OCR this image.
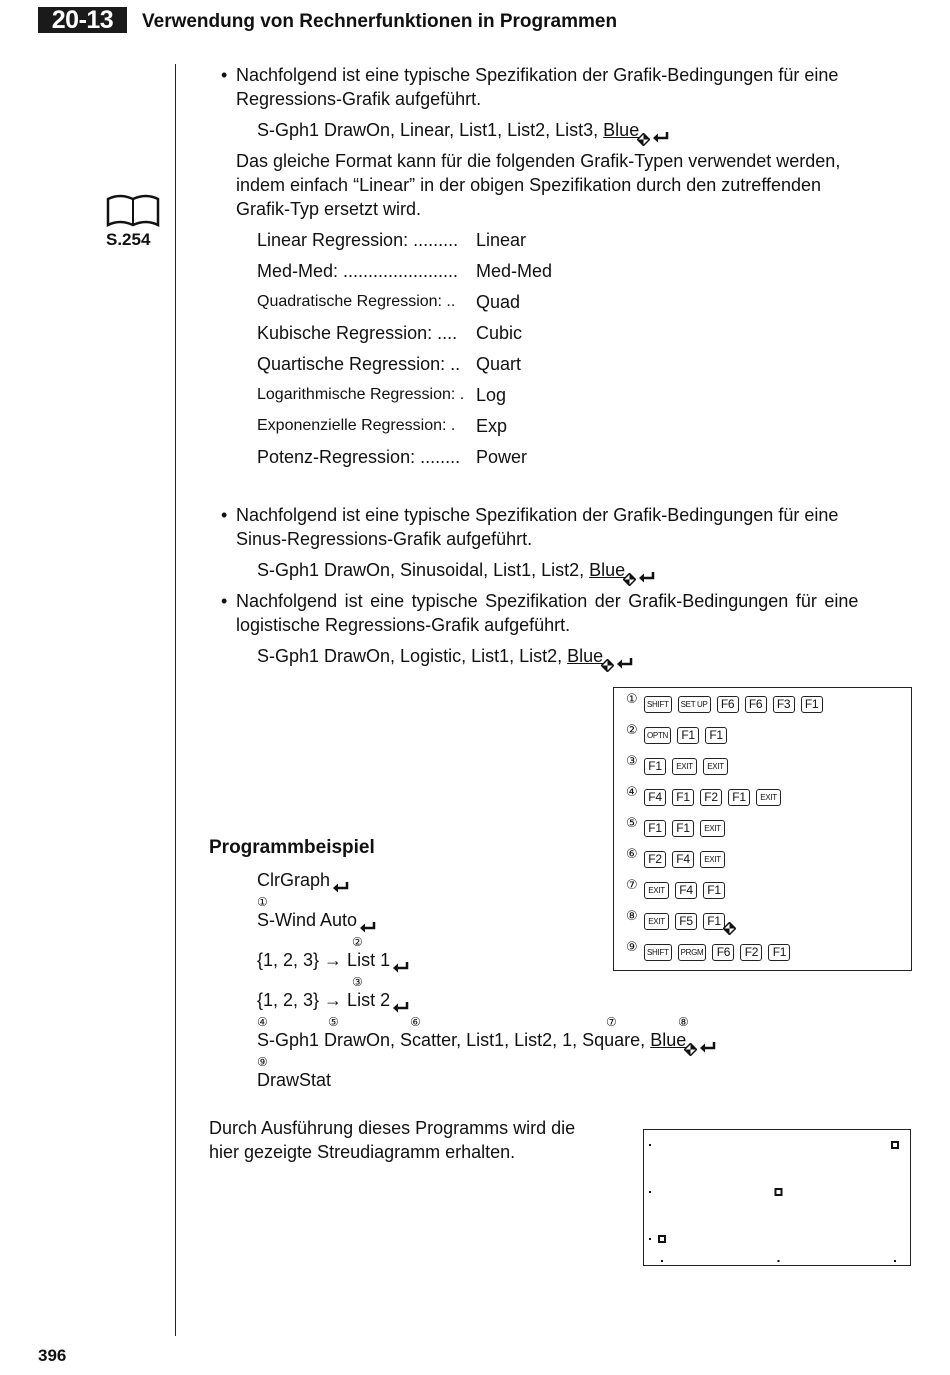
20-13	Verwendung von Rechnerfunktionen in Programmen
S.254
• Nachfolgend ist eine typische Spezifikation der Grafik-Bedingungen für eine
Regressions-Grafik aufgeführt.
S-Gph1 DrawOn, Linear, List1, List2, List3, Blue
Das gleiche Format kann für die folgenden Grafik-Typen verwendet werden,
indem einfach “Linear” in der obigen Spezifikation durch den zutreffenden
Grafik-Typ ersetzt wird.
Linear Regression: ......... Linear
Med-Med: ....................... Med-Med
Quadratische Regression: .. Quad
Kubische Regression: .... Cubic
Quartische Regression: .. Quart
Logarithmische Regression: . Log
Exponenzielle Regression: . Exp
Potenz-Regression: ........ Power
• Nachfolgend ist eine typische Spezifikation der Grafik-Bedingungen für eine
Sinus-Regressions-Grafik aufgeführt.
S-Gph1 DrawOn, Sinusoidal, List1, List2, Blue
• Nachfolgend ist eine typische Spezifikation der Grafik-Bedingungen für eine
logistische Regressions-Grafik aufgeführt.
S-Gph1 DrawOn, Logistic, List1, List2, Blue
①	SHIFT	SET UP	F6	F6	F3	F1
②	OPTN	F1	F1
③ F1	EXIT	EXIT
④ F4	F1	F2	F1	EXIT
⑤ F1	F1	EXIT
⑥ F2	F4	EXIT
⑦	EXIT	F4	F1
⑧	EXIT	F5	F1
⑨	SHIFT	PRGM	F6	F2	F1
Programmbeispiel
ClrGraph
①
S-Wind Auto
②
{1, 2, 3} → List 1
③
{1, 2, 3} → List 2
④	⑤	⑥	⑦	⑧
S-Gph1 DrawOn, Scatter, List1, List2, 1, Square, Blue
⑨
DrawStat
Durch Ausführung dieses Programms wird die
hier gezeigte Streudiagramm erhalten.
396
